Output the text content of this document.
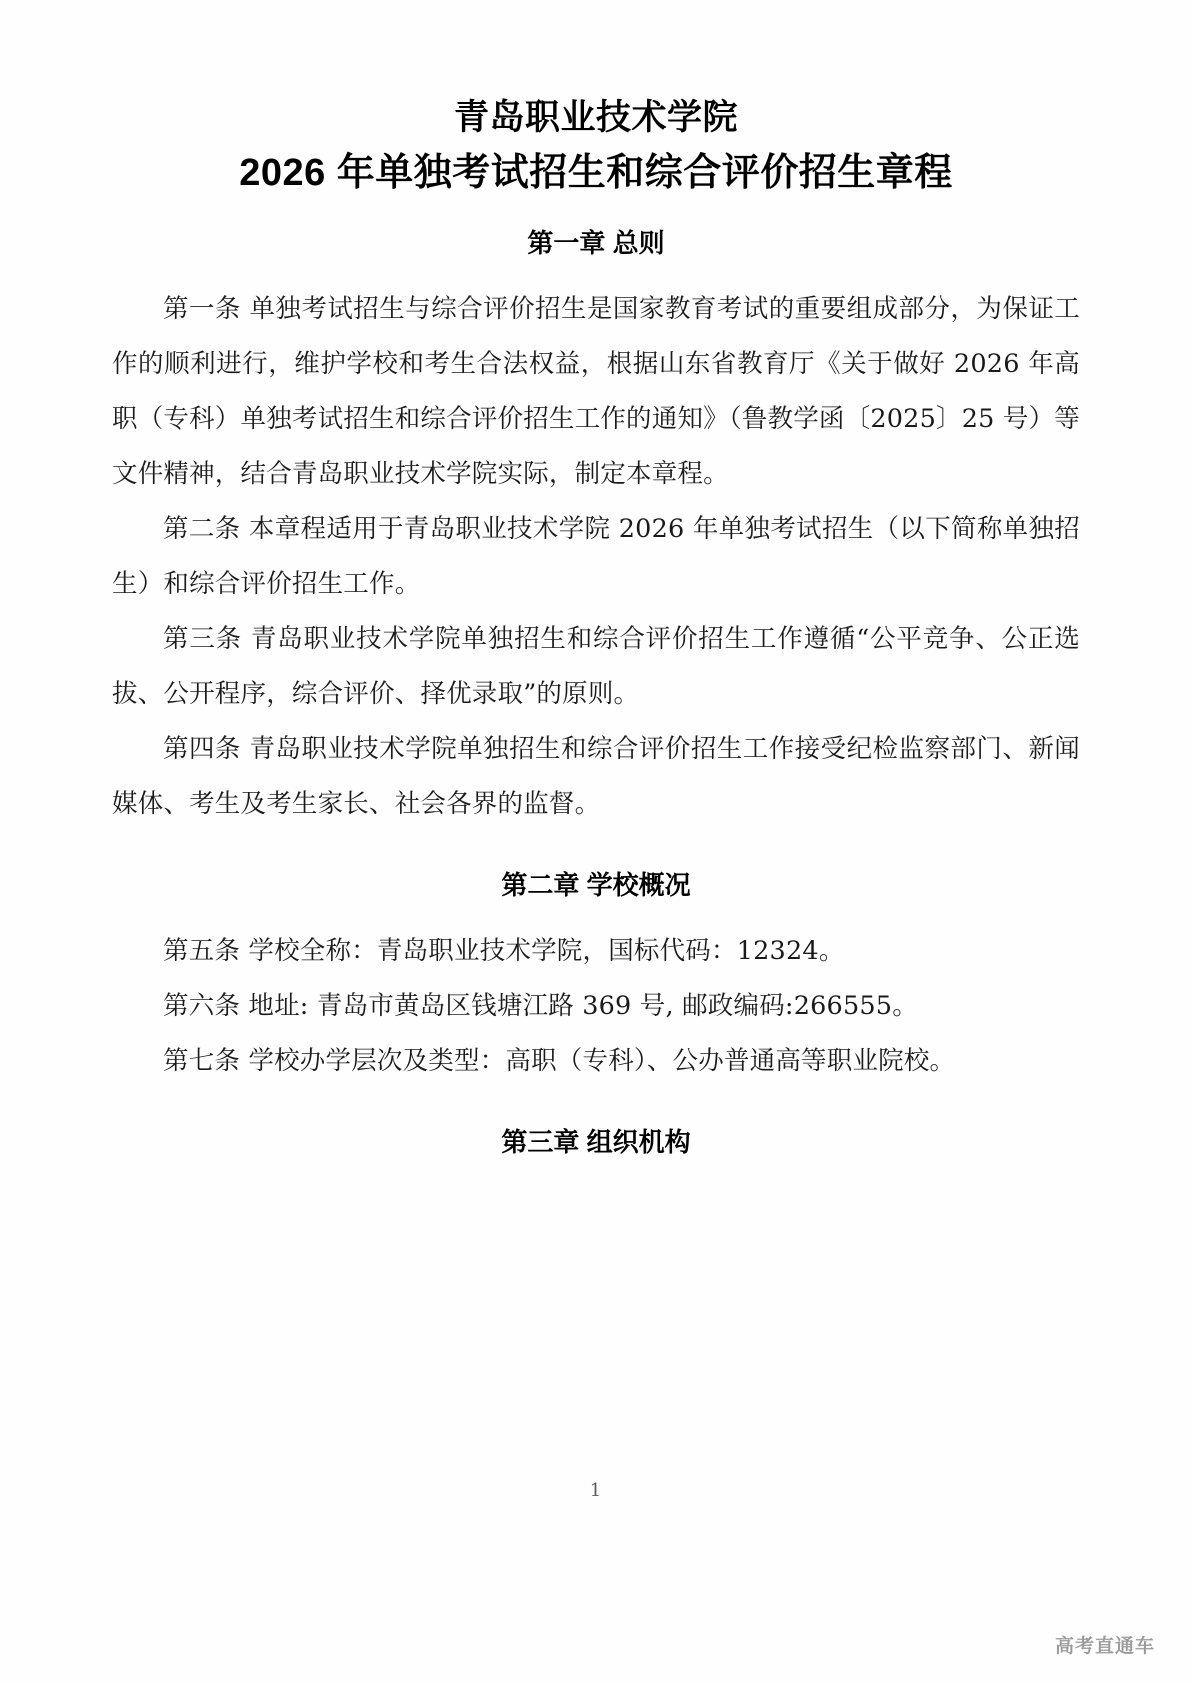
青岛职业技术学院
2026 年单独考试招生和综合评价招生章程
第一章 总则

第一条 单独考试招生与综合评价招生是国家教育考试的重要组成部分，为保证工作的顺利进行，维护学校和考生合法权益，根据山东省教育厅《关于做好 2026 年高职（专科）单独考试招生和综合评价招生工作的通知》（鲁教学函〔2025〕25 号）等文件精神，结合青岛职业技术学院实际，制定本章程。

第二条 本章程适用于青岛职业技术学院 2026 年单独考试招生（以下简称单独招生）和综合评价招生工作。

第三条 青岛职业技术学院单独招生和综合评价招生工作遵循“公平竞争、公正选拔、公开程序，综合评价、择优录取”的原则。

第四条 青岛职业技术学院单独招生和综合评价招生工作接受纪检监察部门、新闻媒体、考生及考生家长、社会各界的监督。

第二章 学校概况

第五条 学校全称：青岛职业技术学院，国标代码：12324。

第六条 地址: 青岛市黄岛区钱塘江路 369 号, 邮政编码:266555。

第七条 学校办学层次及类型：高职（专科）、公办普通高等职业院校。

第三章 组织机构
1
高考直通车
